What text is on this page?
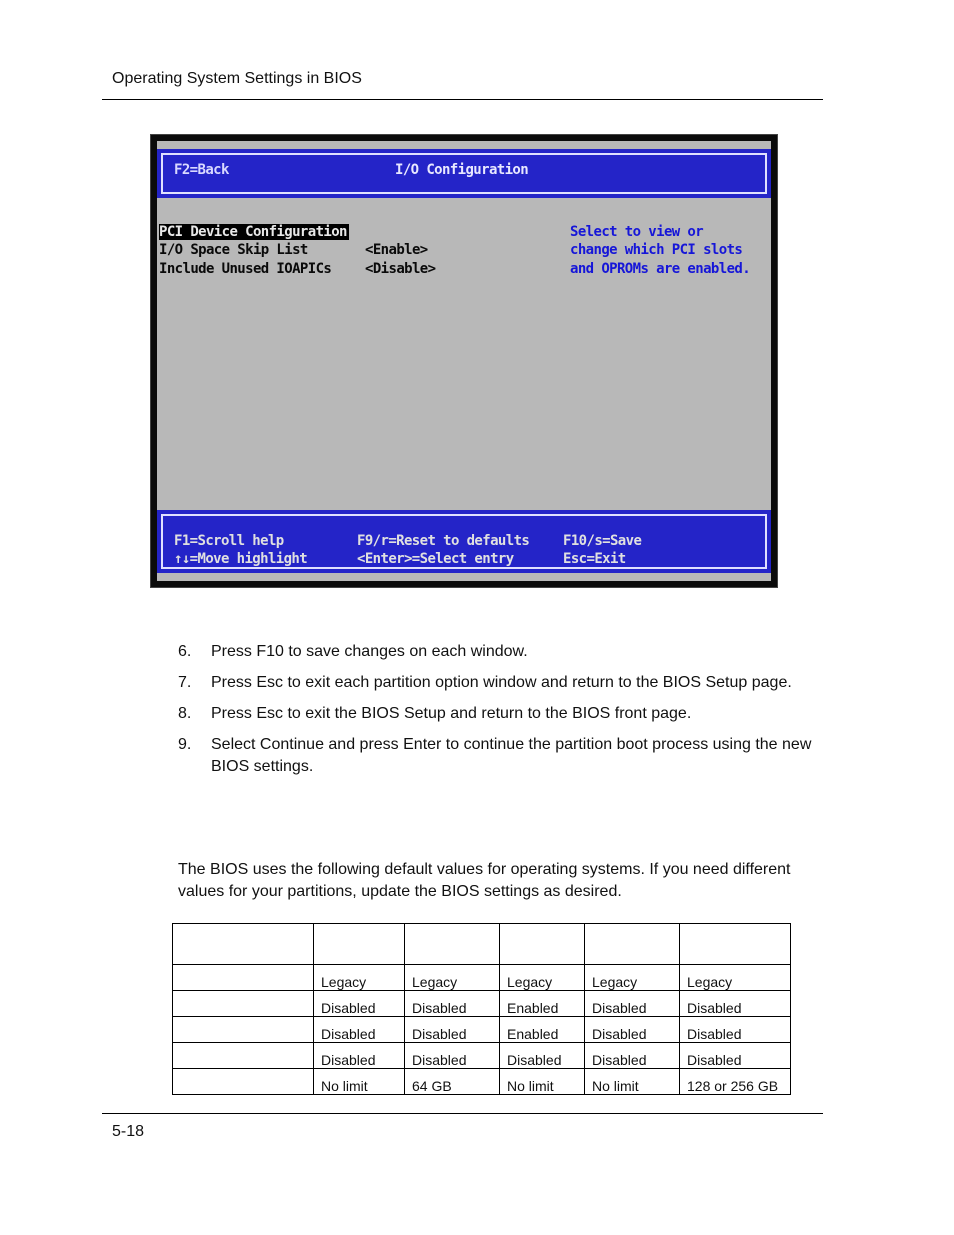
Operating System Settings in BIOS
F2=Back	I/O Configuration
PCI Device Configuration
I/O Space Skip List
Include Unused IOAPICs
<Enable>
<Disable>
Select to view or
change which PCI slots
and OPROMs are enabled.
F1=Scroll help	F9/r=Reset to defaults F10/s=Save
↑↓=Move highlight	<Enter>=Select entry	Esc=Exit
6. Press F10 to save changes on each window.
7. Press Esc to exit each partition option window and return to the BIOS Setup page.
8. Press Esc to exit the BIOS Setup and return to the BIOS front page.
9. Select Continue and press Enter to continue the partition boot process using the new BIOS settings.

The BIOS uses the following default values for operating systems. If you need different values for your partitions, update the BIOS settings as desired.

	Legacy	Legacy	Legacy	Legacy	Legacy
	Disabled	Disabled	Enabled	Disabled	Disabled
	Disabled	Disabled	Enabled	Disabled	Disabled
	Disabled	Disabled	Disabled	Disabled	Disabled
	No limit	64 GB	No limit	No limit	128 or 256 GB
5-18
